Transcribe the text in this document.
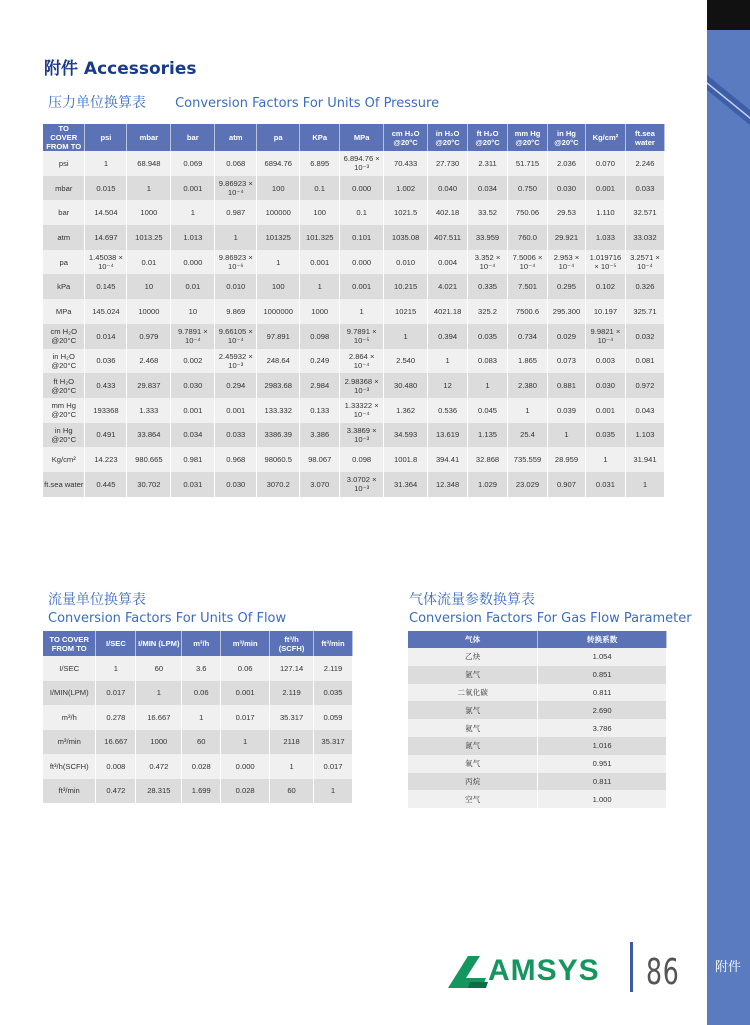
附件
附件 Accessories
压力单位换算表 Conversion Factors For Units Of Pressure
TO COVER
FROM TO	psi	mbar	bar	atm	pa	KPa	MPa	cm H₂O @20°C	in H₂O @20°C	ft H₂O @20°C	mm Hg @20°C	in Hg @20°C	Kg/cm²	ft.sea water
psi	1	68.948	0.069	0.068	6894.76	6.895	6.894.76 × 10⁻³	70.433	27.730	2.311	51.715	2.036	0.070	2.246
mbar	0.015	1	0.001	9.86923 × 10⁻⁴	100	0.1	0.000	1.002	0.040	0.034	0.750	0.030	0.001	0.033
bar	14.504	1000	1	0.987	100000	100	0.1	1021.5	402.18	33.52	750.06	29.53	1.110	32.571
atm	14.697	1013.25	1.013	1	101325	101.325	0.101	1035.08	407.511	33.959	760.0	29.921	1.033	33.032
pa	1.45038 × 10⁻⁴	0.01	0.000	9.86923 × 10⁻⁶	1	0.001	0.000	0.010	0.004	3.352 × 10⁻⁴	7.5006 × 10⁻⁴	2.953 × 10⁻⁴	1.019716 × 10⁻⁵	3.2571 × 10⁻⁴
kPa	0.145	10	0.01	0.010	100	1	0.001	10.215	4.021	0.335	7.501	0.295	0.102	0.326
MPa	145.024	10000	10	9.869	1000000	1000	1	10215	4021.18	325.2	7500.6	295.300	10.197	325.71
cm H₂O @20°C	0.014	0.979	9.7891 × 10⁻⁴	9.66105 × 10⁻⁴	97.891	0.098	9.7891 × 10⁻⁵	1	0.394	0.035	0.734	0.029	9.9821 × 10⁻⁴	0.032
in H₂O @20°C	0.036	2.468	0.002	2.45932 × 10⁻³	248.64	0.249	2.864 × 10⁻⁴	2.540	1	0.083	1.865	0.073	0.003	0.081
ft H₂O @20°C	0.433	29.837	0.030	0.294	2983.68	2.984	2.98368 × 10⁻³	30.480	12	1	2.380	0.881	0.030	0.972
mm Hg @20°C	193368	1.333	0.001	0.001	133.332	0.133	1.33322 × 10⁻⁴	1.362	0.536	0.045	1	0.039	0.001	0.043
in Hg @20°C	0.491	33.864	0.034	0.033	3386.39	3.386	3.3869 × 10⁻³	34.593	13.619	1.135	25.4	1	0.035	1.103
Kg/cm²	14.223	980.665	0.981	0.968	98060.5	98.067	0.098	1001.8	394.41	32.868	735.559	28.959	1	31.941
ft.sea water	0.445	30.702	0.031	0.030	3070.2	3.070	3.0702 × 10⁻³	31.364	12.348	1.029	23.029	0.907	0.031	1
流量单位换算表
Conversion Factors For Units Of Flow
TO COVER
FROM TO	I/SEC	I/MIN (LPM)	m³/h	m³/min	ft³/h (SCFH)	ft³/min
I/SEC	1	60	3.6	0.06	127.14	2.119
I/MIN(LPM)	0.017	1	0.06	0.001	2.119	0.035
m³/h	0.278	16.667	1	0.017	35.317	0.059
m³/min	16.667	1000	60	1	2118	35.317
ft³/h(SCFH)	0.008	0.472	0.028	0.000	1	0.017
ft³/min	0.472	28.315	1.699	0.028	60	1
气体流量参数换算表
Conversion Factors For Gas Flow Parameter
气体	转换系数
乙炔	1.054
氩气	0.851
二氧化碳	0.811
氯气	2.690
氦气	3.786
氮气	1.016
氧气	0.951
丙烷	0.811
空气	1.000
AMSYS 86
